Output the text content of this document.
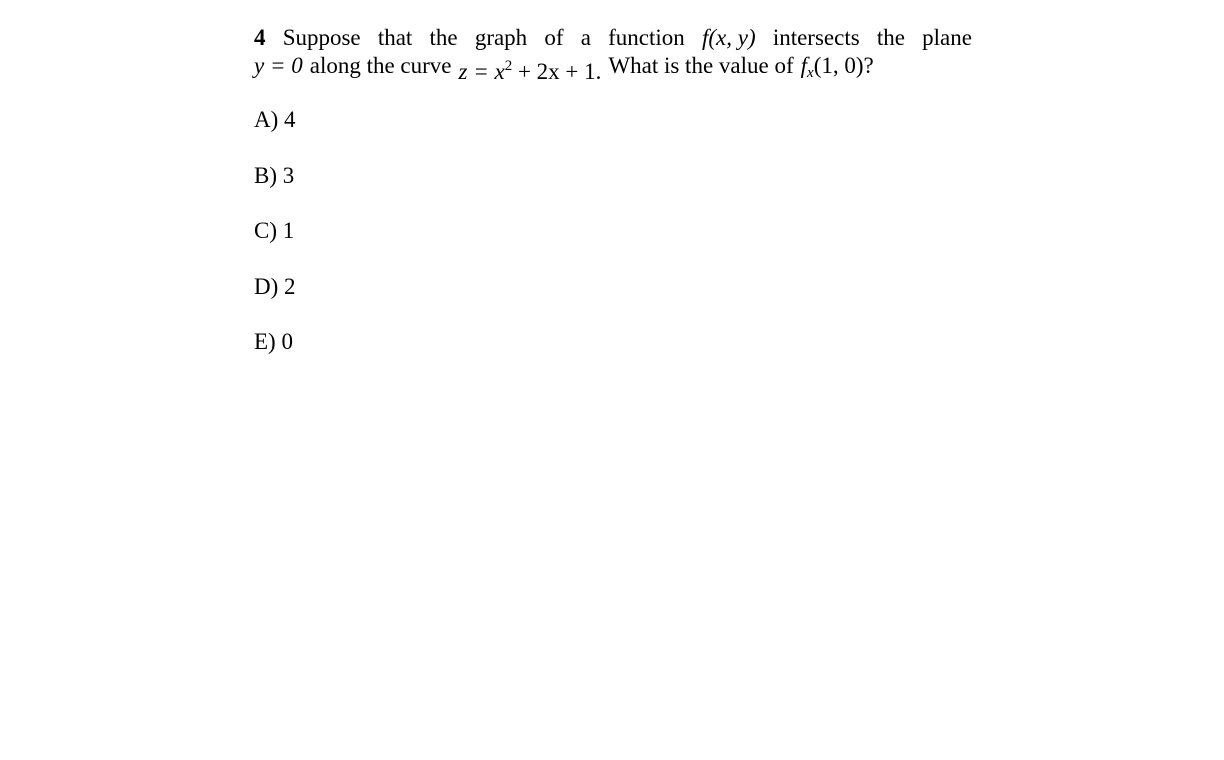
4 Suppose that the graph of a function f(x, y) intersects the plane
y = 0 along the curve $z = x^2 + 2x + 1$. What is the value of $f_x(1$, 0)?
A) 4
B) 3
C) 1
D) 2
E) 0
